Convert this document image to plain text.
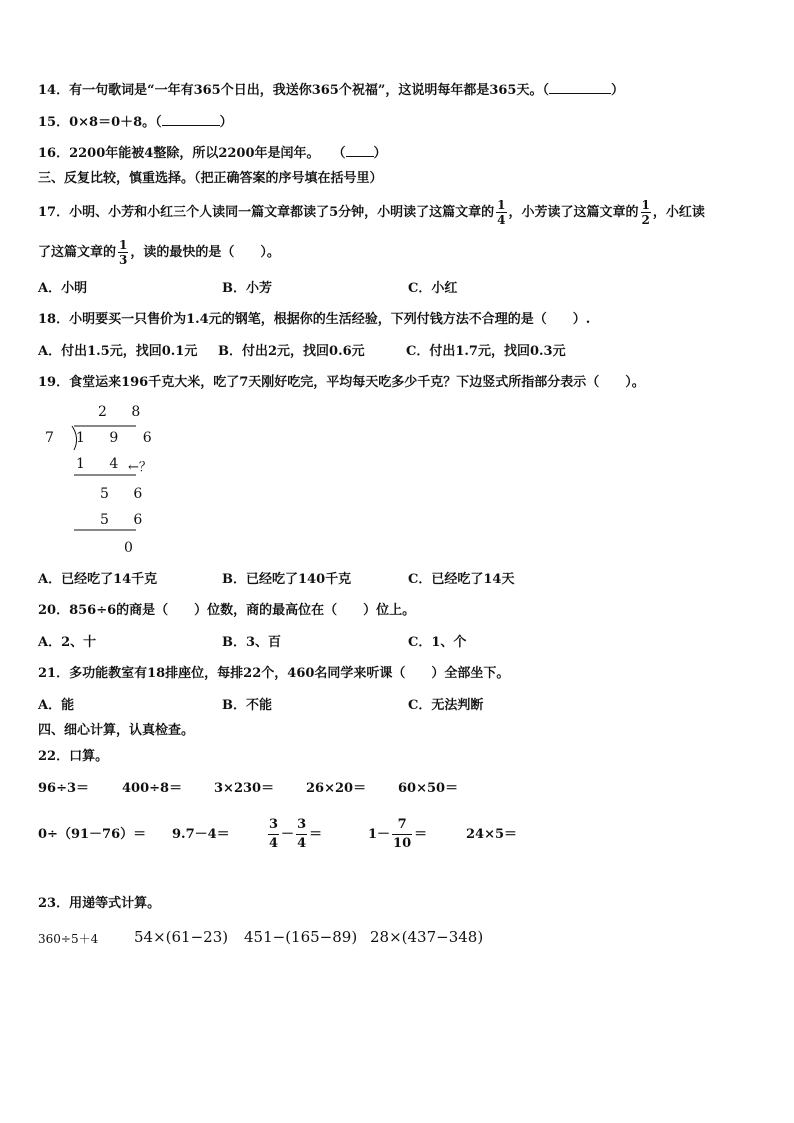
14．有一句歌词是“一年有365个日出，我送你365个祝福”，这说明每年都是365天。（	）
15．0×8＝0＋8。（	）
16．2200年能被4整除，所以2200年是闰年。　　（ ）
三、反复比较，慎重选择。（把正确答案的序号填在括号里）
17．小明、小芳和小红三个人读同一篇文章都读了5分钟，小明读了这篇文章的 $\frac{1}{4}$ ，小芳读了这篇文章的 $\frac{1}{2}$ ，小红读
了这篇文章的 $\frac{1}{3}$ ，读的最快的是（　　）。
A．小明	B．小芳	C．小红
18．小明要买一只售价为1.4元的钢笔，根据你的生活经验，下列付钱方法不合理的是（　　）.
A．付出1.5元，找回0.1元 B．付出2元，找回0.6元	C．付出1.7元，找回0.3元
19．食堂运来196千克大米，吃了7天刚好吃完，平均每天吃多少千克？下边竖式所指部分表示（　　）。
2 8
7 1 9 6
1 4 ←？
5 6
5 6
0
A．已经吃了14千克	B．已经吃了140千克	C．已经吃了14天
20．856÷6的商是（　　）位数，商的最高位在（　　）位上。
A．2、十	B．3、百	C．1、个
21．多功能教室有18排座位，每排22个，460名同学来听课（　　）全部坐下。
A．能	B．不能	C．无法判断
四、细心计算，认真检查。
22．口算。
96÷3＝	400÷8＝ 3×230＝ 26×20＝ 60×50＝
0÷（91－76）＝ 9.7－4＝	$\frac{3}{4} - \frac{3}{4}$ ＝	$1- \frac{7}{10}$ ＝	24×5＝
23．用递等式计算。
360÷5＋4 54×(61−23) 451−(165−89) 28×(437−348)
